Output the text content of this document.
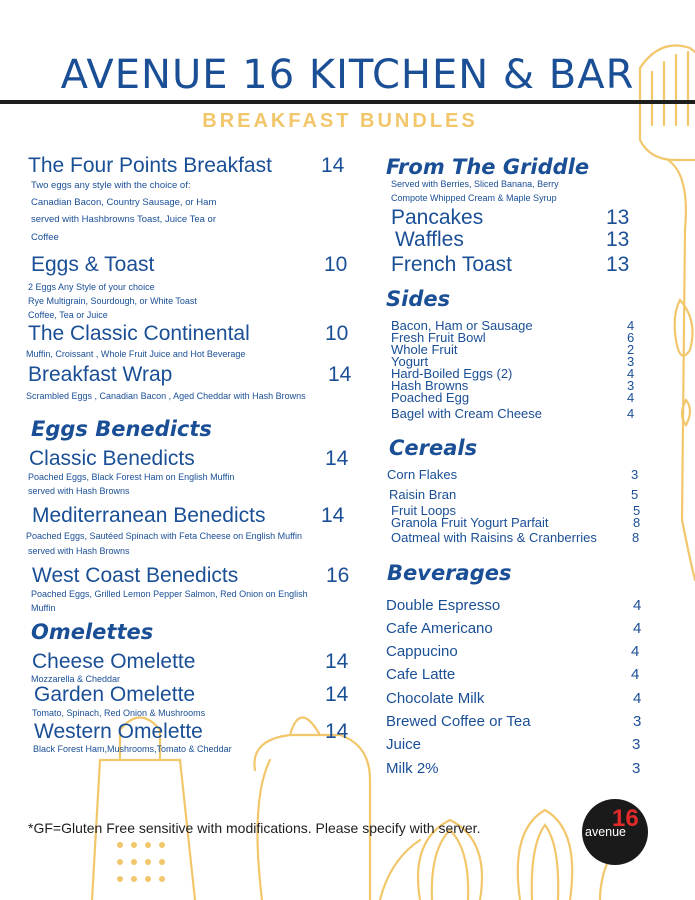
AVENUE 16 KITCHEN & BAR
BREAKFAST BUNDLES
The Four Points Breakfast 14
Two eggs any style with the choice of:
Canadian Bacon, Country Sausage, or Ham
served with Hashbrowns Toast, Juice Tea or
Coffee
Eggs & Toast	10
2 Eggs Any Style of your choice
Rye Multigrain, Sourdough, or White Toast
Coffee, Tea or Juice
The Classic Continental	10
Muffin, Croissant , Whole Fruit Juice and Hot Beverage
Breakfast Wrap	14
Scrambled Eggs , Canadian Bacon , Aged Cheddar with Hash Browns
Eggs Benedicts
Classic Benedicts	14
Poached Eggs, Black Forest Ham on English Muffin
served with Hash Browns
Mediterranean Benedicts	14
Poached Eggs, Sautéed Spinach with Feta Cheese on English Muffin
served with Hash Browns
West Coast Benedicts	16
Poached Eggs, Grilled Lemon Pepper Salmon, Red Onion on English
Muffin
Omelettes
Cheese Omelette	14
Mozzarella & Cheddar
Garden Omelette	14
Tomato, Spinach, Red Onion & Mushrooms
Western Omelette	14
Black Forest Ham,Mushrooms,Tomato & Cheddar
From The Griddle
Served with Berries, Sliced Banana, Berry
Compote Whipped Cream & Maple Syrup
Pancakes	13
Waffles	13
French Toast	13
Sides
Bacon, Ham or Sausage	4
Fresh Fruit Bowl	6
Whole Fruit	2
Yogurt	3
Hard-Boiled Eggs (2)	4
Hash Browns	3
Poached Egg	4
Bagel with Cream Cheese	4
Cereals
Corn Flakes	3
Raisin Bran	5
Fruit Loops	5
Granola Fruit Yogurt Parfait	8
Oatmeal with Raisins & Cranberries	8
Beverages
Double Espresso	4
Cafe Americano	4
Cappucino	4
Cafe Latte	4
Chocolate Milk	4
Brewed Coffee or Tea	3
Juice	3
Milk 2%	3
*GF=Gluten Free sensitive with modifications. Please specify with server.	16
avenue
